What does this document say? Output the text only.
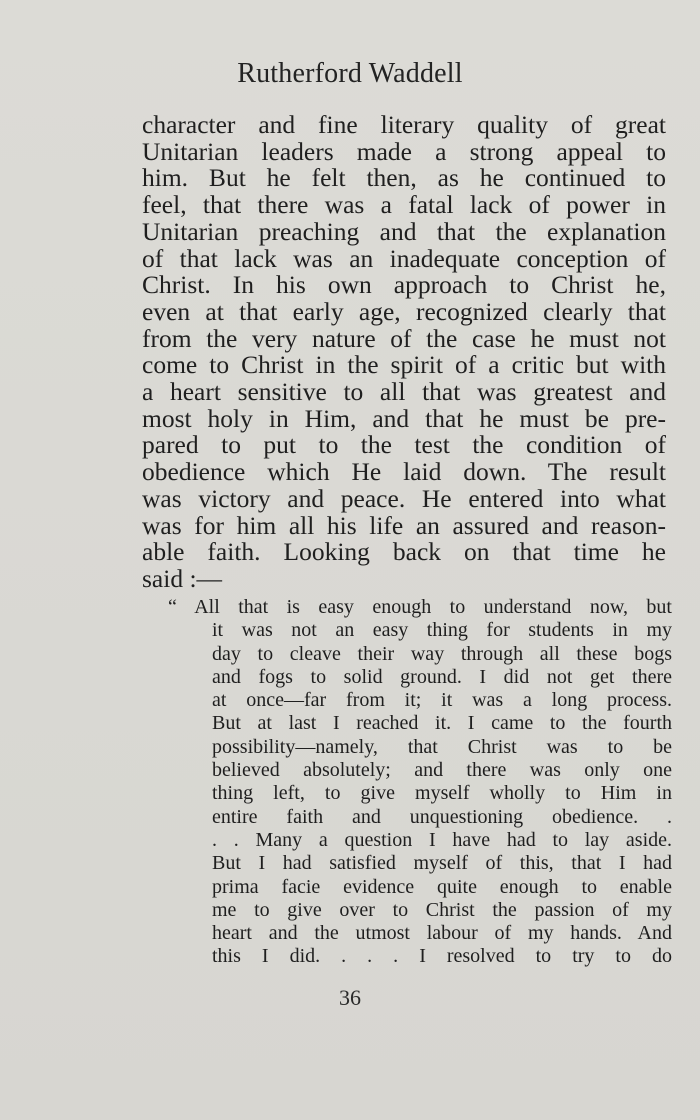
Rutherford Waddell
character and fine literary quality of great
Unitarian leaders made a strong appeal to
him. But he felt then, as he continued to
feel, that there was a fatal lack of power in
Unitarian preaching and that the explanation
of that lack was an inadequate conception of
Christ. In his own approach to Christ he,
even at that early age, recognized clearly that
from the very nature of the case he must not
come to Christ in the spirit of a critic but with
a heart sensitive to all that was greatest and
most holy in Him, and that he must be pre-
pared to put to the test the condition of
obedience which He laid down. The result
was victory and peace. He entered into what
was for him all his life an assured and reason-
able faith. Looking back on that time he
said :—
“ All that is easy enough to understand now, but
it was not an easy thing for students in my
day to cleave their way through all these bogs
and fogs to solid ground. I did not get there
at once—far from it; it was a long process.
But at last I reached it. I came to the fourth
possibility—namely, that Christ was to be
believed absolutely; and there was only one
thing left, to give myself wholly to Him in
entire faith and unquestioning obedience. .
. . Many a question I have had to lay aside.
But I had satisfied myself of this, that I had
prima facie evidence quite enough to enable
me to give over to Christ the passion of my
heart and the utmost labour of my hands. And
this I did. . . . I resolved to try to do
36
